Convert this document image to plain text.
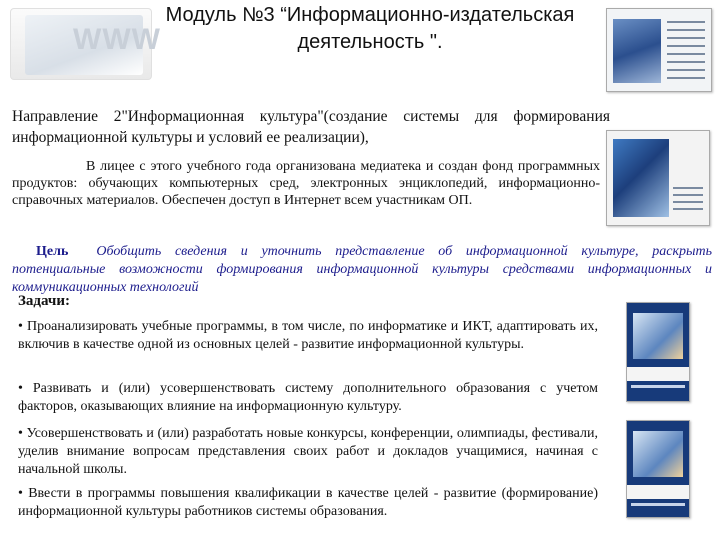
WWW
Модуль №3 “Информационно-издательская деятельность ".
Направление 2"Информационная культура"(создание системы для формирования информационной культуры и условий ее реализации),
В лицее с этого учебного года организована медиатека и создан фонд программных продуктов: обучающих компьютерных сред, электронных энциклопедий, информационно-справочных материалов. Обеспечен доступ в Интернет всем участникам ОП.
Цель Обобщить сведения и уточнить представление об информационной культуре, раскрыть потенциальные возможности формирования информационной культуры средствами информационных и коммуникационных технологий
Задачи:
• Проанализировать учебные программы, в том числе, по информатике и ИКТ, адаптировать их, включив в качестве одной из основных целей - развитие информационной культуры.
• Развивать и (или) усовершенствовать систему дополнительного образования с учетом факторов, оказывающих влияние на информационную культуру.
• Усовершенствовать и (или) разработать новые конкурсы, конференции, олимпиады, фестивали, уделив внимание вопросам представления своих работ и докладов учащимися, начиная с начальной школы.
• Ввести в программы повышения квалификации в качестве целей - развитие (формирование) информационной культуры работников системы образования.
